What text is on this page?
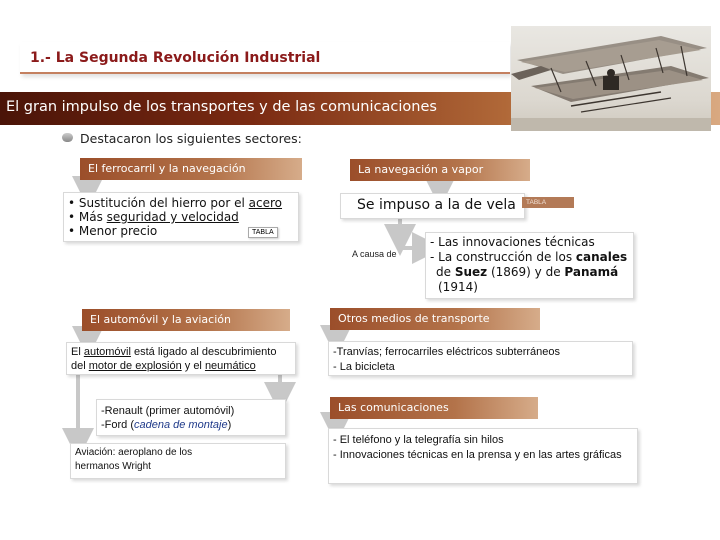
1.- La Segunda Revolución Industrial
El gran impulso de los transportes y de las comunicaciones
Destacaron los siguientes sectores:
El ferrocarril y la navegación
• Sustitución del hierro por el acero
• Más seguridad y velocidad
• Menor precio	TABLA
La navegación a vapor
Se impuso a la de vela	TABLA
A causa de
- Las innovaciones técnicas
- La construcción de los canales
de Suez (1869) y de Panamá
(1914)
El automóvil y la aviación
El automóvil está ligado al descubrimiento
del motor de explosión y el neumático
-Renault (primer automóvil)
-Ford (cadena de montaje)
Aviación: aeroplano de los
hermanos Wright
Otros medios de transporte
-Tranvías; ferrocarriles eléctricos subterráneos
- La bicicleta
Las comunicaciones
- El teléfono y la telegrafía sin hilos
- Innovaciones técnicas en la prensa y en las artes gráficas
